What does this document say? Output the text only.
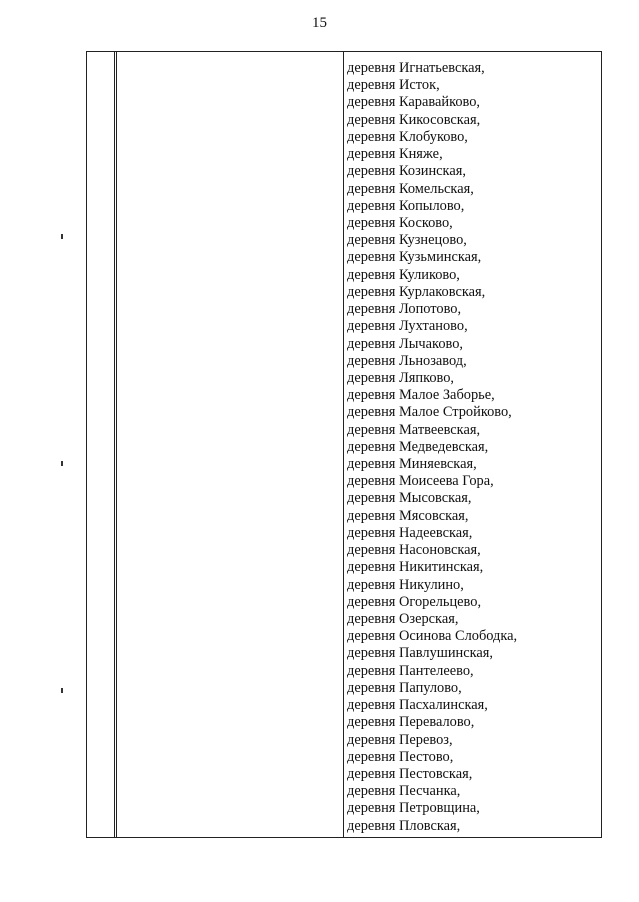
15
деревня Игнатьевская,
деревня Исток,
деревня Каравайково,
деревня Кикосовская,
деревня Клобуково,
деревня Княже,
деревня Козинская,
деревня Комельская,
деревня Копылово,
деревня Косково,
деревня Кузнецово,
деревня Кузьминская,
деревня Куликово,
деревня Курлаковская,
деревня Лопотово,
деревня Лухтаново,
деревня Лычаково,
деревня Льнозавод,
деревня Ляпково,
деревня Малое Заборье,
деревня Малое Стройково,
деревня Матвеевская,
деревня Медведевская,
деревня Миняевская,
деревня Моисеева Гора,
деревня Мысовская,
деревня Мясовская,
деревня Надеевская,
деревня Насоновская,
деревня Никитинская,
деревня Никулино,
деревня Огорельцево,
деревня Озерская,
деревня Осинова Слободка,
деревня Павлушинская,
деревня Пантелеево,
деревня Папулово,
деревня Пасхалинская,
деревня Перевалово,
деревня Перевоз,
деревня Пестово,
деревня Пестовская,
деревня Песчанка,
деревня Петровщина,
деревня Пловская,
